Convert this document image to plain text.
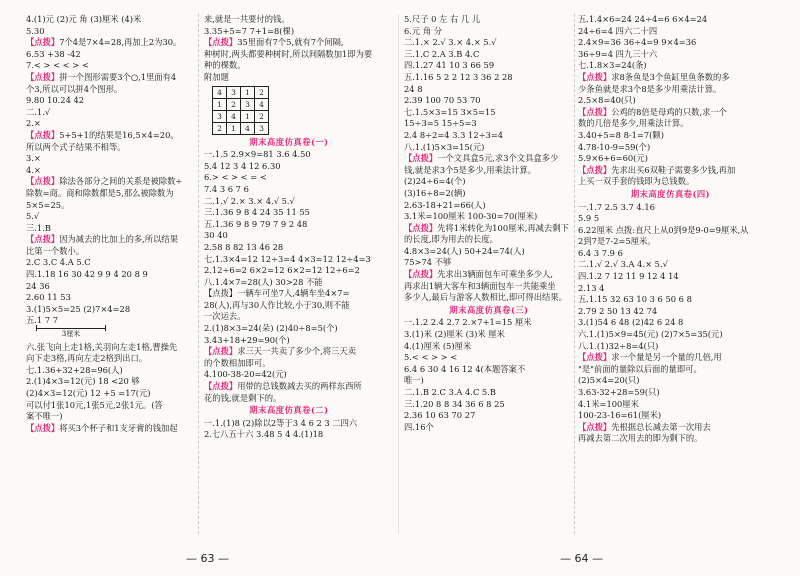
4.(1)元 (2)元 角 (3)厘米 (4)米
5.30
【点拨】7个4是7×4=28,再加上2为30。
6.53 +38 -42
7.< > < < > <
【点拨】拼一个图形需要3个○,1里面有4
个3,所以可以拼4个图形。
9.80 10.24 42
二.1.√
2.×
【点拨】5+5+1的结果是16,5×4=20。
所以两个式子结果不相等。
3.×
4.×
【点拨】除法各部分之间的关系是被除数÷
除数=商。商和除数都是5,那么被除数为
5×5=25。
5.√
三.1.B
【点拨】因为减去的比加上的多,所以结果
比第一个数小。
2.C 3.C 4.A 5.C
四.1.18 16 30 42 9 9 4 20 8 9
24 36
2.60 11 53
3.(1)5×5=25 (2)7×4=28
五.1 7 7
3厘米
六.张飞向上走1格,关羽向左走1格,曹操先
向下走3格,再向左走2格到出口。
七.1.36+32+28=96(人)
2.(1)4×3=12(元) 18 <20 够
(2)4×3=12(元) 12 +5 =17(元)
可以付1张10元,1张5元,2张1元。(答
案不唯一)
【点拨】将买3个杯子和1支牙膏的钱加起
来,就是一共要付的钱。
3.35+5=7 7+1=8(棵)
【点拨】35里面有7个5,就有7个间隔,
种树时,两头都要种树时,所以间隔数加1即为要
种的棵数。
附加题
4	3	1	2
1	2	3	4
3	4	1	2
2	1	4	3
期末高度仿真卷(一)
一.1.5 2.9×9=81 3.6 4.50
5.4 12 3 4 12 6.30
6.> < > < = <
7.4 3 6 7 6
二.1.√ 2.× 3.× 4.√ 5.√
三.1.36 9 8 4 24 35 11 55
五.1.36 9 8 9 79 7 9 2 48
30 40
2.58 8 82 13 46 28
七.1.3×4=12 12÷3=4 4×3=12 12÷4=3
2.12÷6=2 6×2=12 6×2=12 12÷6=2
八.1.4×7=28(人) 30>28 不能
【点拨】一辆车可坐7人,4辆车坐4×7=
28(人),再与30人作比较,小于30,则不能
一次运去。
2.(1)8×3=24(朵) (2)40÷8=5(个)
3.43+18+29=90(个)
【点拨】求三天一共卖了多少个,将三天卖
的个数相加即可。
4.100-38-20=42(元)
【点拨】用带的总钱数减去买的两样东西所
花的钱,就是剩下的。
期末高度仿真卷(二)
一.1.(1)8 (2)除以2等于3 4 6 2 3 二四六
2.七八五十六 3.48 5 4 4.(1)18
5.尺子 0 左 右 几 儿
6.元 角 分
二.1.× 2.√ 3.× 4.× 5.√
三.1.C 2.A 3.B 4.C
四.1.27 41 10 3 66 59
五.1.16 5 2 2 12 3 36 2 28
24 8
2.39 100 70 53 70
七.1.5×3=15 3×5=15
15÷3=5 15÷5=3
2.4 8÷2=4 3.3 12÷3=4
八.1.(1)5×3=15(元)
【点拨】一个文具盒5元,求3个文具盒多少
钱,就是求3个5是多少,用乘法计算。
(2)24÷6=4(个)
(3)16÷8=2(辆)
2.63-18+21=66(人)
3.1米=100厘米 100-30=70(厘米)
【点拨】先将1米转化为100厘米,再减去剩下
的长度,即为用去的长度。
4.8×3=24(人) 50+24=74(人)
75>74 不够
【点拨】先求出3辆面包车可乘坐多少人,
再求出1辆大客车和3辆面包车一共能乘坐
多少人,最后与游客人数相比,即可得出结果。
期末高度仿真卷(三)
一.1.2 2.4 2.7 2.×7+1=15 厘米
3.(1)米 (2)厘米 (3)米 厘米
4.(1)厘米 (5)厘米
5.< < > > <
6.4 6 30 4 16 12 4(本题答案不
唯一)
二.1.B 2.C 3.A 4.C 5.B
三.1.20 8 8 34 36 6 8 25
2.36 10 63 70 27
四.16个
五.1.4×6=24 24÷4=6 6×4=24
24÷6=4 四六二十四
2.4×9=36 36÷4=9 9×4=36
36÷9=4 四九三十六
七.1.8×3=24(条)
【点拨】求8条鱼是3个鱼缸里鱼条数的多
少条鱼就是求3个8是多少用乘法计算。
2.5×8=40(只)
【点拨】公鸡的8倍是母鸡的只数,求一个
数的几倍是多少,用乘法计算。
3.40+5=8 8-1=7(颗)
4.78-10-9=59(个)
5.9×6+6=60(元)
【点拨】先求出买6双鞋子需要多少钱,再加
上买一双手套的钱即为总钱数。
期末高度仿真卷(四)
一.1.7 2.5 3.7 4.16
5.9 5
6.22厘米 点拨:直尺上从0到9是9-0=9厘米,从
2到7是7-2=5厘米。
6.4 3 7.9 6
二.1.√ 2.√ 3.A 4.× 5.√
四.1.2 7 12 11 9 12 4 14
2.13 4
五.1.15 32 63 10 3 6 50 6 8
2.79 2 50 13 42 74
3.(1)54 6 48 (2)42 6 24 8
六.1.(1)5×9=45(元) (2)7×5=35(元)
八.1.(1)32÷8=4(只)
【点拨】求一个量是另一个量的几倍,用
"是"前面的量除以后面的量即可。
(2)5×4=20(只)
3.63-32+28=59(只)
4.1米=100厘米
100-23-16=61(厘米)
【点拨】先根据总长减去第一次用去
再减去第二次用去的即为剩下的。
— 63 —	— 64 —
